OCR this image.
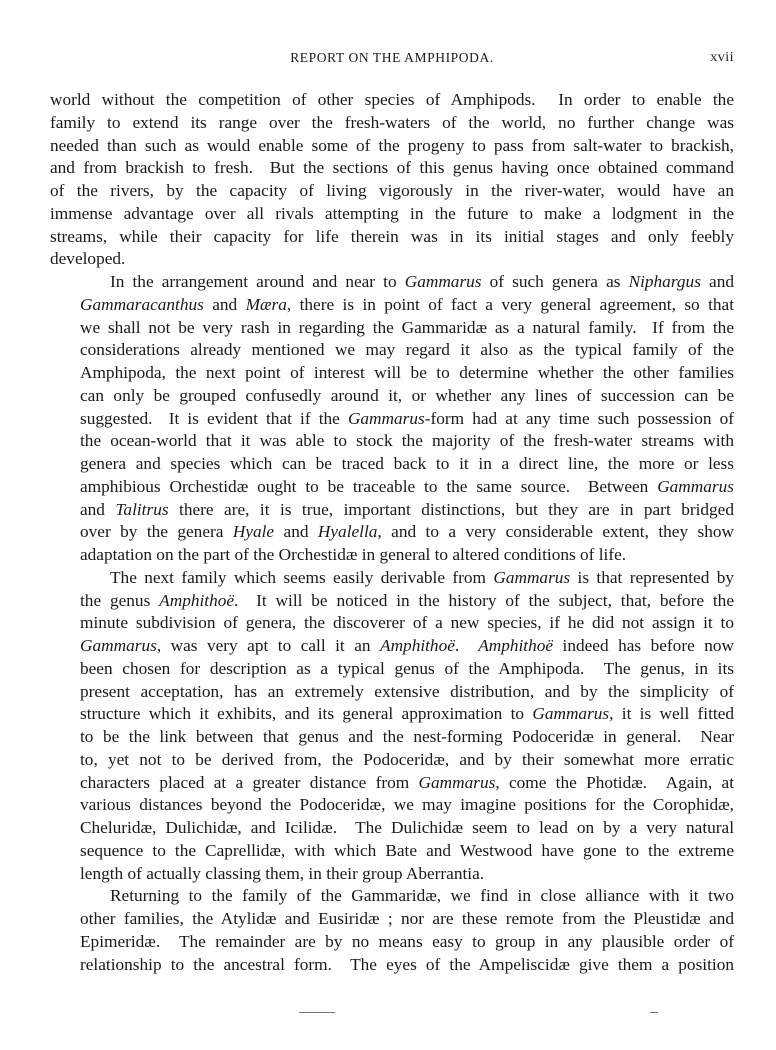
REPORT ON THE AMPHIPODA.	xvii
world without the competition of other species of Amphipods.  In order to enable the
family to extend its range over the fresh-waters of the world, no further change was
needed than such as would enable some of the progeny to pass from salt-water to brackish,
and from brackish to fresh.  But the sections of this genus having once obtained command
of the rivers, by the capacity of living vigorously in the river-water, would have an
immense advantage over all rivals attempting in the future to make a lodgment in the
streams, while their capacity for life therein was in its initial stages and only feebly
developed.
In the arrangement around and near to Gammarus of such genera as Niphargus and
Gammaracanthus and Mæra, there is in point of fact a very general agreement, so that
we shall not be very rash in regarding the Gammaridæ as a natural family.  If from the
considerations already mentioned we may regard it also as the typical family of the
Amphipoda, the next point of interest will be to determine whether the other families
can only be grouped confusedly around it, or whether any lines of succession can be
suggested.  It is evident that if the Gammarus-form had at any time such possession of
the ocean-world that it was able to stock the majority of the fresh-water streams with
genera and species which can be traced back to it in a direct line, the more or less
amphibious Orchestidæ ought to be traceable to the same source.  Between Gammarus
and Talitrus there are, it is true, important distinctions, but they are in part bridged
over by the genera Hyale and Hyalella, and to a very considerable extent, they show
adaptation on the part of the Orchestidæ in general to altered conditions of life.
The next family which seems easily derivable from Gammarus is that represented by
the genus Amphithoë.  It will be noticed in the history of the subject, that, before the
minute subdivision of genera, the discoverer of a new species, if he did not assign it to
Gammarus, was very apt to call it an Amphithoë.  Amphithoë indeed has before now
been chosen for description as a typical genus of the Amphipoda.  The genus, in its
present acceptation, has an extremely extensive distribution, and by the simplicity of
structure which it exhibits, and its general approximation to Gammarus, it is well fitted
to be the link between that genus and the nest-forming Podoceridæ in general.  Near
to, yet not to be derived from, the Podoceridæ, and by their somewhat more erratic
characters placed at a greater distance from Gammarus, come the Photidæ.  Again, at
various distances beyond the Podoceridæ, we may imagine positions for the Corophidæ,
Cheluridæ, Dulichidæ, and Icilidæ.  The Dulichidæ seem to lead on by a very natural
sequence to the Caprellidæ, with which Bate and Westwood have gone to the extreme
length of actually classing them, in their group Aberrantia.
Returning to the family of the Gammaridæ, we find in close alliance with it two
other families, the Atylidæ and Eusiridæ ; nor are these remote from the Pleustidæ and
Epimeridæ.  The remainder are by no means easy to group in any plausible order of
relationship to the ancestral form.  The eyes of the Ampeliscidæ give them a position
